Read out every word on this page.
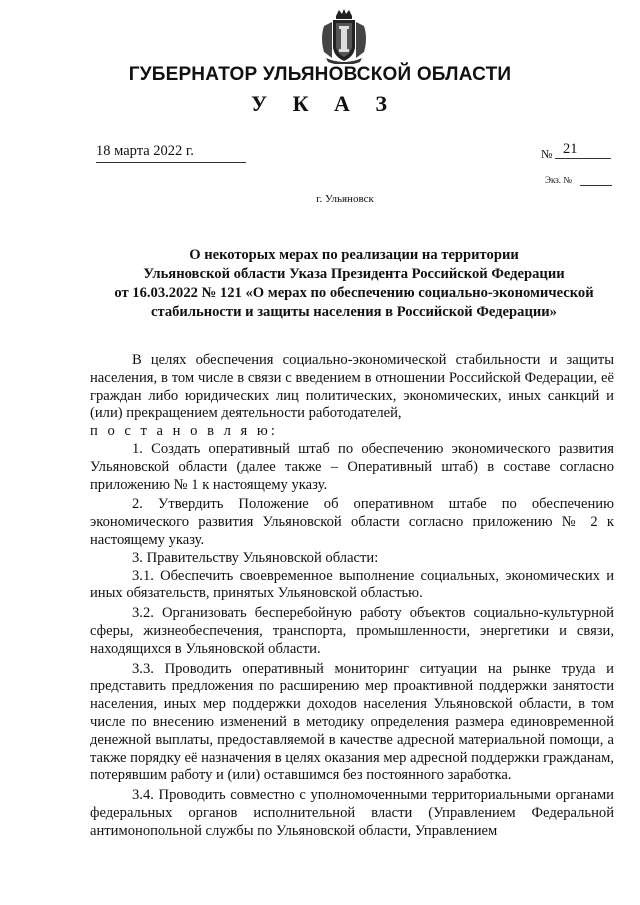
ГУБЕРНАТОР УЛЬЯНОВСКОЙ ОБЛАСТИ
У К А З
18 марта 2022 г.	№ 21
Экз. №
г. Ульяновск
О некоторых мерах по реализации на территории
Ульяновской области Указа Президента Российской Федерации
от 16.03.2022 № 121 «О мерах по обеспечению социально-экономической
стабильности и защиты населения в Российской Федерации»

В целях обеспечения социально-экономической стабильности и защиты населения, в том числе в связи с введением в отношении Российской Федерации, её граждан либо юридических лиц политических, экономических, иных санкций и (или) прекращением деятельности работодателей,

п о с т а н о в л я ю:

1. Создать оперативный штаб по обеспечению экономического развития Ульяновской области (далее также – Оперативный штаб) в составе согласно приложению № 1 к настоящему указу.

2. Утвердить Положение об оперативном штабе по обеспечению экономического развития Ульяновской области согласно приложению № 2 к настоящему указу.

3. Правительству Ульяновской области:

3.1. Обеспечить своевременное выполнение социальных, экономических и иных обязательств, принятых Ульяновской областью.

3.2. Организовать бесперебойную работу объектов социально-культурной сферы, жизнеобеспечения, транспорта, промышленности, энергетики и связи, находящихся в Ульяновской области.

3.3. Проводить оперативный мониторинг ситуации на рынке труда и представить предложения по расширению мер проактивной поддержки занятости населения, иных мер поддержки доходов населения Ульяновской области, в том числе по внесению изменений в методику определения размера единовременной денежной выплаты, предоставляемой в качестве адресной материальной помощи, а также порядку её назначения в целях оказания мер адресной поддержки гражданам, потерявшим работу и (или) оставшимся без постоянного заработка.

3.4. Проводить совместно с уполномоченными территориальными органами федеральных органов исполнительной власти (Управлением Федеральной антимонопольной службы по Ульяновской области, Управлением
